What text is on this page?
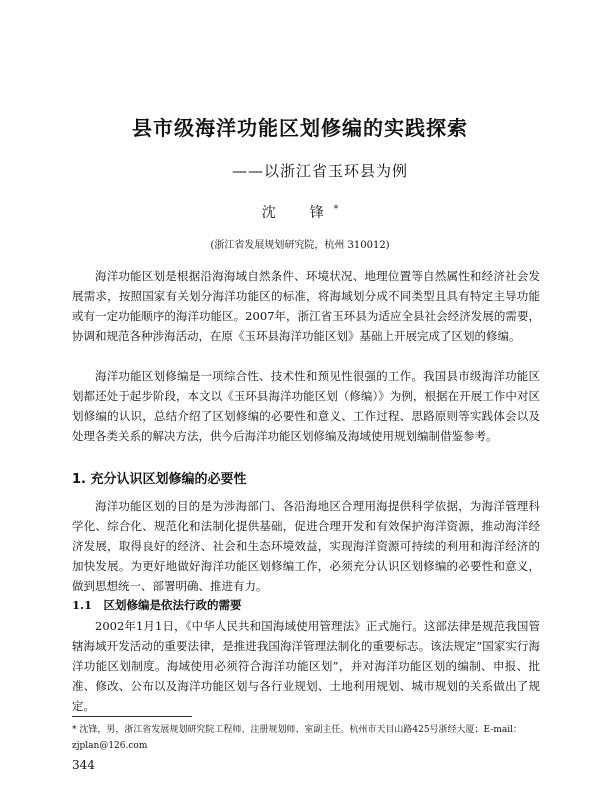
县市级海洋功能区划修编的实践探索
——以浙江省玉环县为例
沈　锋*
(浙江省发展规划研究院，杭州 310012)

海洋功能区划是根据沿海海域自然条件、环境状况、地理位置等自然属性和经济社会发展需求，按照国家有关划分海洋功能区的标准，将海域划分成不同类型且具有特定主导功能或有一定功能顺序的海洋功能区。2007年，浙江省玉环县为适应全县社会经济发展的需要，协调和规范各种涉海活动，在原《玉环县海洋功能区划》基础上开展完成了区划的修编。

海洋功能区划修编是一项综合性、技术性和预见性很强的工作。我国县市级海洋功能区划都还处于起步阶段，本文以《玉环县海洋功能区划（修编）》为例，根据在开展工作中对区划修编的认识，总结介绍了区划修编的必要性和意义、工作过程、思路原则等实践体会以及处理各类关系的解决方法，供今后海洋功能区划修编及海域使用规划编制借鉴参考。

1. 充分认识区划修编的必要性

海洋功能区划的目的是为涉海部门、各沿海地区合理用海提供科学依据，为海洋管理科学化、综合化、规范化和法制化提供基础，促进合理开发和有效保护海洋资源，推动海洋经济发展，取得良好的经济、社会和生态环境效益，实现海洋资源可持续的利用和海洋经济的加快发展。为更好地做好海洋功能区划修编工作，必须充分认识区划修编的必要性和意义，做到思想统一、部署明确、推进有力。

1.1　区划修编是依法行政的需要

2002年1月1日，《中华人民共和国海域使用管理法》正式施行。这部法律是规范我国管辖海域开发活动的重要法律，是推进我国海洋管理法制化的重要标志。该法规定“国家实行海洋功能区划制度。海域使用必须符合海洋功能区划”，并对海洋功能区划的编制、申报、批准、修改、公布以及海洋功能区划与各行业规划、土地利用规划、城市规划的关系做出了规定。

* 沈锋，男，浙江省发展规划研究院工程师、注册规划师、室副主任。杭州市天目山路425号浙经大厦；E-mail：zjplan@126.com

344
